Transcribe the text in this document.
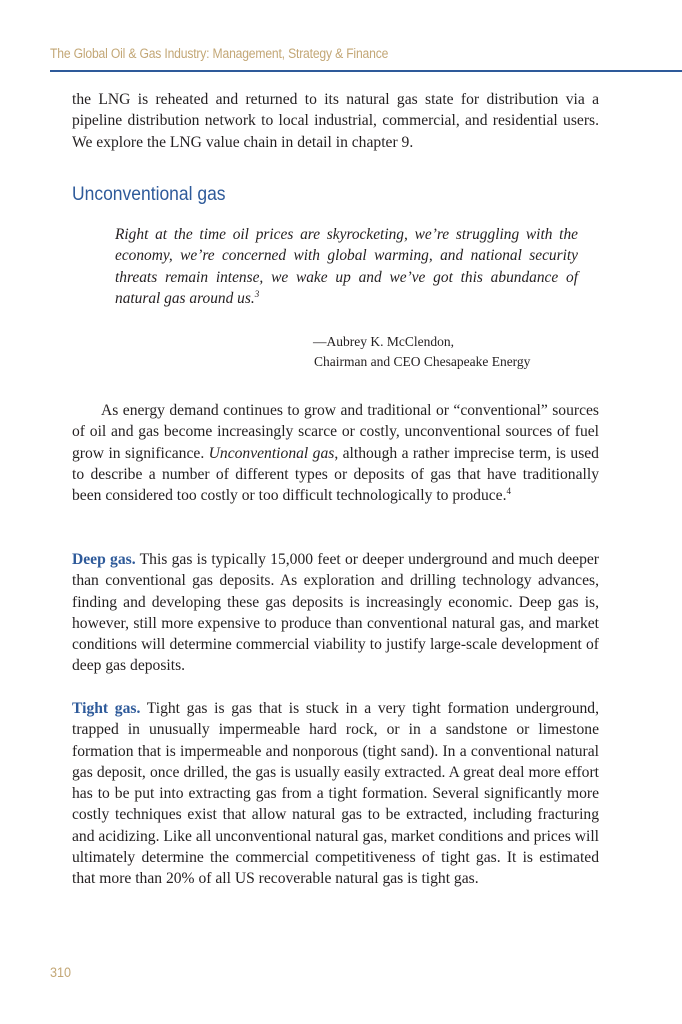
The Global Oil & Gas Industry: Management, Strategy & Finance

the LNG is reheated and returned to its natural gas state for distribution via a pipeline distribution network to local industrial, commercial, and residential users. We explore the LNG value chain in detail in chapter 9.

Unconventional gas
Right at the time oil prices are skyrocketing, we’re struggling with the economy, we’re concerned with global warming, and national security threats remain intense, we wake up and we’ve got this abundance of natural gas around us.$^3$
—Aubrey K. McClendon,
Chairman and CEO Chesapeake Energy

As energy demand continues to grow and traditional or “conventional” sources of oil and gas become increasingly scarce or costly, unconventional sources of fuel grow in significance. Unconventional gas, although a rather imprecise term, is used to describe a number of different types or deposits of gas that have traditionally been considered too costly or too difficult technologically to produce.$^4$

Deep gas. This gas is typically 15,000 feet or deeper underground and much deeper than conventional gas deposits. As exploration and drilling technology advances, finding and developing these gas deposits is increasingly economic. Deep gas is, however, still more expensive to produce than conventional natural gas, and market conditions will determine commercial viability to justify large-scale development of deep gas deposits.

Tight gas. Tight gas is gas that is stuck in a very tight formation underground, trapped in unusually impermeable hard rock, or in a sandstone or limestone formation that is impermeable and nonporous (tight sand). In a conventional natural gas deposit, once drilled, the gas is usually easily extracted. A great deal more effort has to be put into extracting gas from a tight formation. Several significantly more costly techniques exist that allow natural gas to be extracted, including fracturing and acidizing. Like all unconventional natural gas, market conditions and prices will ultimately determine the commercial competitiveness of tight gas. It is estimated that more than 20% of all US recoverable natural gas is tight gas.

310
